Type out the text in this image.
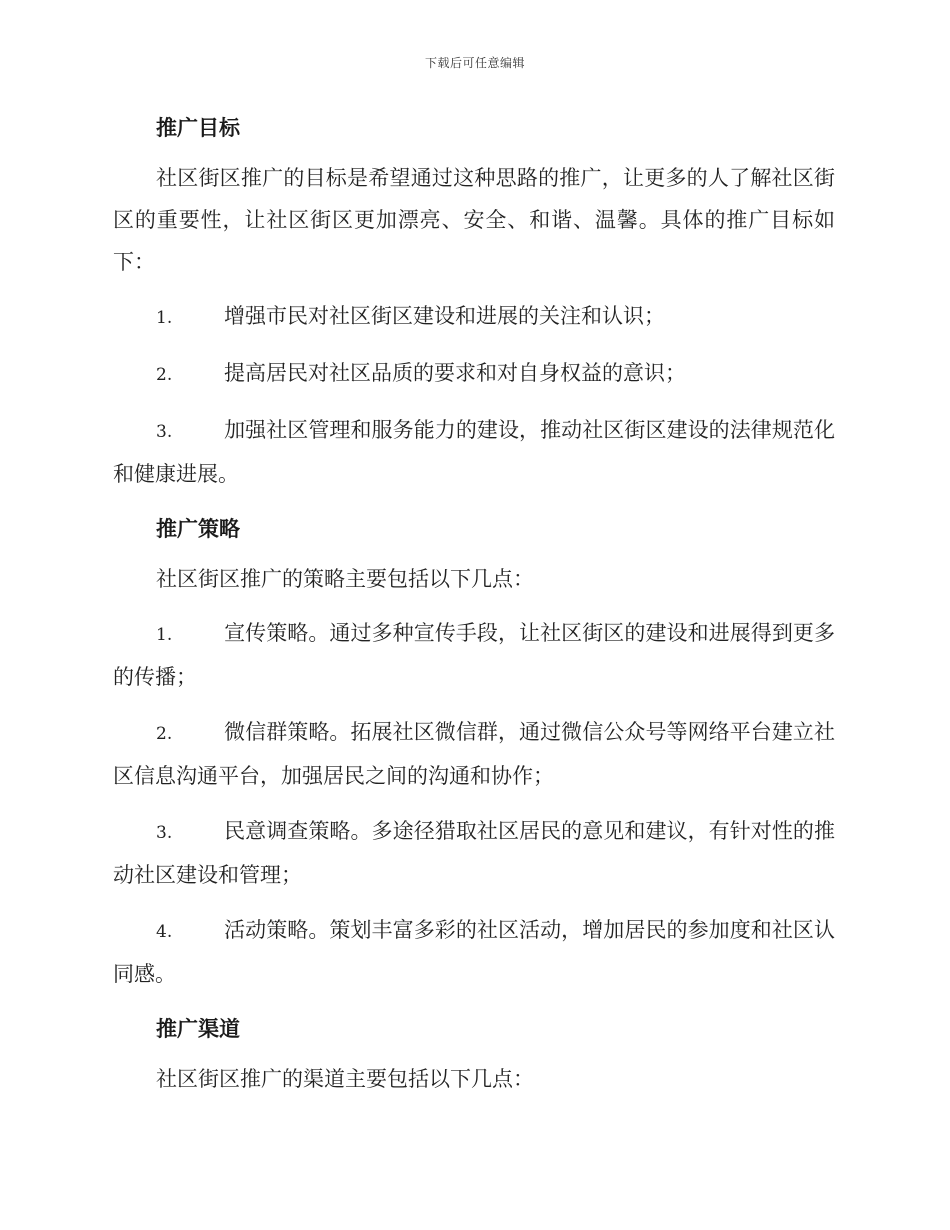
下载后可任意编辑
推广目标
社区街区推广的目标是希望通过这种思路的推广，让更多的人了解社区街区的重要性，让社区街区更加漂亮、安全、和谐、温馨。具体的推广目标如下：
1. 增强市民对社区街区建设和进展的关注和认识；
2. 提高居民对社区品质的要求和对自身权益的意识；
3. 加强社区管理和服务能力的建设，推动社区街区建设的法律规范化和健康进展。
推广策略
社区街区推广的策略主要包括以下几点：
1. 宣传策略。通过多种宣传手段，让社区街区的建设和进展得到更多的传播；
2. 微信群策略。拓展社区微信群，通过微信公众号等网络平台建立社区信息沟通平台，加强居民之间的沟通和协作；
3. 民意调查策略。多途径猎取社区居民的意见和建议，有针对性的推动社区建设和管理；
4. 活动策略。策划丰富多彩的社区活动，增加居民的参加度和社区认同感。
推广渠道
社区街区推广的渠道主要包括以下几点：
